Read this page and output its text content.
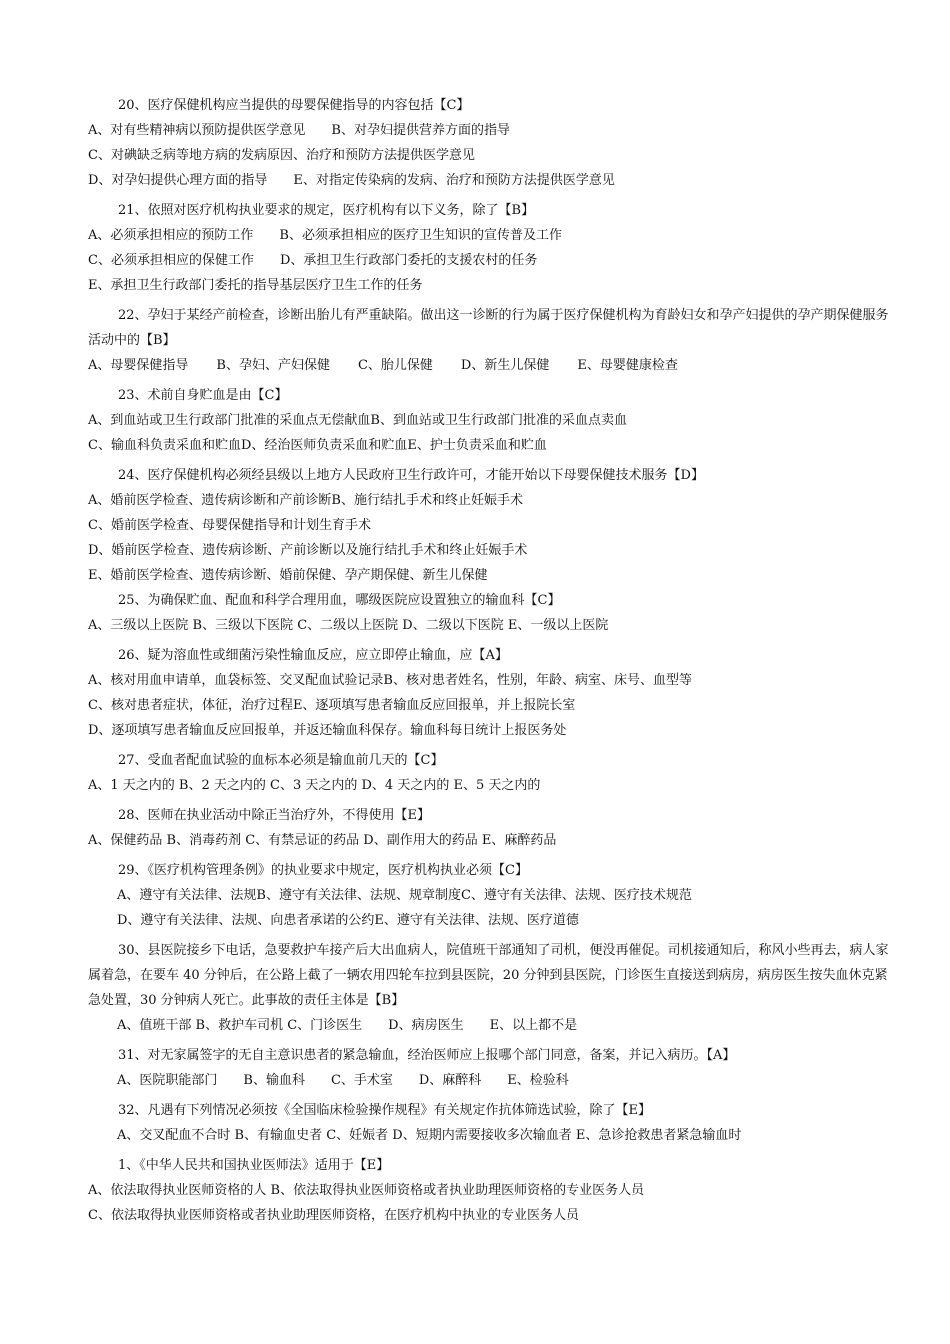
20、医疗保健机构应当提供的母婴保健指导的内容包括【C】
A、对有些精神病以预防提供医学意见　　B、对孕妇提供营养方面的指导
C、对碘缺乏病等地方病的发病原因、治疗和预防方法提供医学意见
D、对孕妇提供心理方面的指导　　E、对指定传染病的发病、治疗和预防方法提供医学意见
21、依照对医疗机构执业要求的规定，医疗机构有以下义务，除了【B】
A、必须承担相应的预防工作　　B、必须承担相应的医疗卫生知识的宣传普及工作
C、必须承担相应的保健工作　　D、承担卫生行政部门委托的支援农村的任务
E、承担卫生行政部门委托的指导基层医疗卫生工作的任务
22、孕妇于某经产前检查，诊断出胎儿有严重缺陷。做出这一诊断的行为属于医疗保健机构为育龄妇女和孕产妇提供的孕产期保健服务活动中的【B】
A、母婴保健指导 B、孕妇、产妇保健 C、胎儿保健 D、新生儿保健 E、母婴健康检查
23、术前自身贮血是由【C】
A、到血站或卫生行政部门批准的采血点无偿献血B、到血站或卫生行政部门批准的采血点卖血
C、输血科负责采血和贮血D、经治医师负责采血和贮血E、护士负责采血和贮血
24、医疗保健机构必须经县级以上地方人民政府卫生行政许可，才能开始以下母婴保健技术服务【D】
A、婚前医学检查、遗传病诊断和产前诊断B、施行结扎手术和终止妊娠手术
C、婚前医学检查、母婴保健指导和计划生育手术
D、婚前医学检查、遗传病诊断、产前诊断以及施行结扎手术和终止妊娠手术
E、婚前医学检查、遗传病诊断、婚前保健、孕产期保健、新生儿保健
25、为确保贮血、配血和科学合理用血，哪级医院应设置独立的输血科【C】
A、三级以上医院 B、三级以下医院 C、二级以上医院 D、二级以下医院 E、一级以上医院
26、疑为溶血性或细菌污染性输血反应，应立即停止输血，应【A】
A、核对用血申请单，血袋标签、交叉配血试验记录B、核对患者姓名，性别，年龄、病室、床号、血型等
C、核对患者症状，体征，治疗过程E、逐项填写患者输血反应回报单，并上报院长室
D、逐项填写患者输血反应回报单，并返还输血科保存。输血科每日统计上报医务处
27、受血者配血试验的血标本必须是输血前几天的【C】
A、1 天之内的 B、2 天之内的 C、3 天之内的 D、4 天之内的 E、5 天之内的
28、医师在执业活动中除正当治疗外，不得使用【E】
A、保健药品 B、消毒药剂 C、有禁忌证的药品 D、副作用大的药品 E、麻醉药品
29、《医疗机构管理条例》的执业要求中规定，医疗机构执业必须【C】
A、遵守有关法律、法规B、遵守有关法律、法规、规章制度C、遵守有关法律、法规、医疗技术规范
D、遵守有关法律、法规、向患者承诺的公约E、遵守有关法律、法规、医疗道德
30、县医院接乡下电话，急要救护车接产后大出血病人，院值班干部通知了司机，便没再催促。司机接通知后，称风小些再去，病人家属着急，在要车 40 分钟后，在公路上截了一辆农用四轮车拉到县医院，20 分钟到县医院，门诊医生直接送到病房，病房医生按失血休克紧急处置，30 分钟病人死亡。此事故的责任主体是【B】
A、值班干部 B、救护车司机 C、门诊医生　　D、病房医生　　E、以上都不是
31、对无家属签字的无自主意识患者的紧急输血，经治医师应上报哪个部门同意，备案，并记入病历。【A】
A、医院职能部门　　B、输血科　　C、手术室　　D、麻醉科　　E、检验科
32、凡遇有下列情况必须按《全国临床检验操作规程》有关规定作抗体筛选试验，除了【E】
A、交叉配血不合时 B、有输血史者 C、妊娠者 D、短期内需要接收多次输血者 E、急诊抢救患者紧急输血时
1、《中华人民共和国执业医师法》适用于【E】
A、依法取得执业医师资格的人 B、依法取得执业医师资格或者执业助理医师资格的专业医务人员
C、依法取得执业医师资格或者执业助理医师资格，在医疗机构中执业的专业医务人员
